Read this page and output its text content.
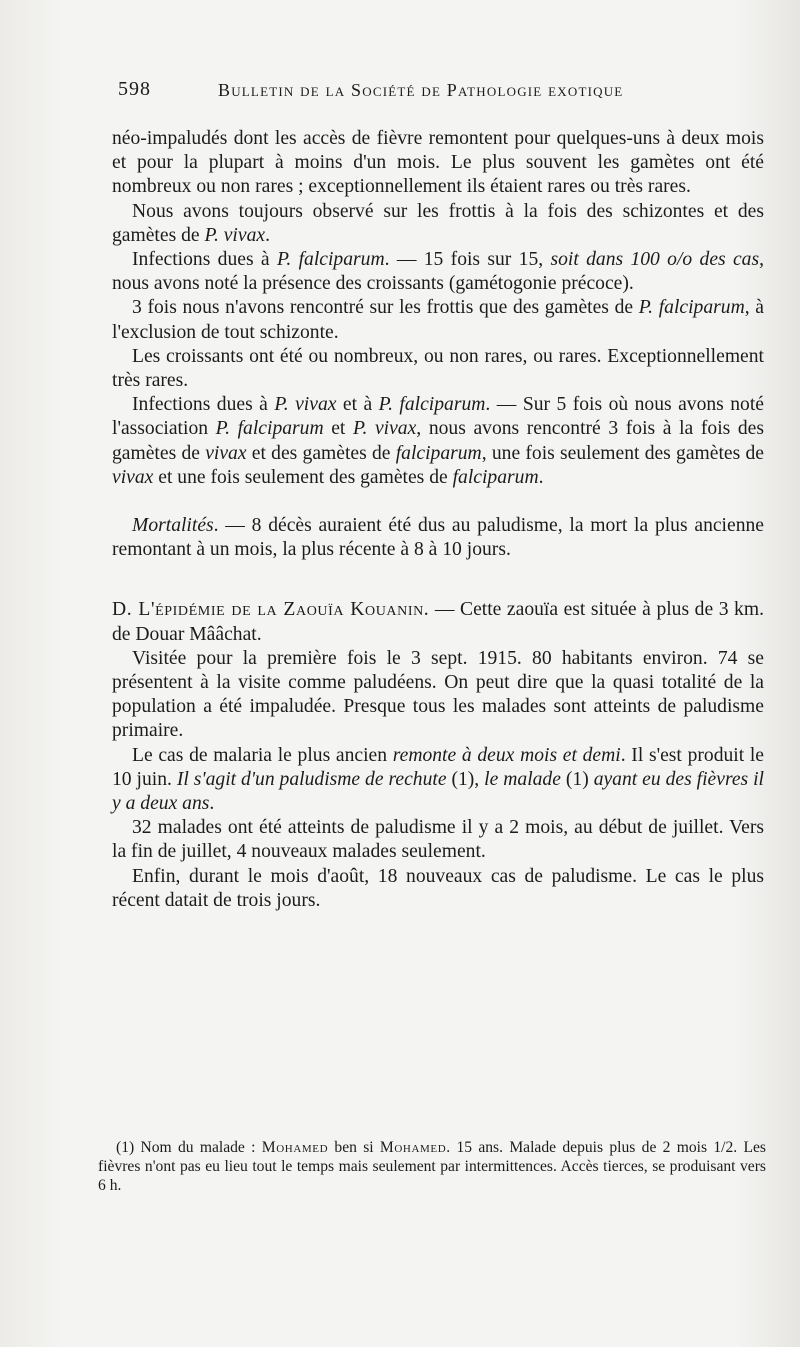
598	Bulletin de la Société de Pathologie exotique

néo-impaludés dont les accès de fièvre remontent pour quelques-uns à deux mois et pour la plupart à moins d'un mois. Le plus souvent les gamètes ont été nombreux ou non rares ; exceptionnellement ils étaient rares ou très rares.

Nous avons toujours observé sur les frottis à la fois des schizontes et des gamètes de P. vivax.

Infections dues à P. falciparum. — 15 fois sur 15, soit dans 100 o/o des cas, nous avons noté la présence des croissants (gamétogonie précoce).

3 fois nous n'avons rencontré sur les frottis que des gamètes de P. falciparum, à l'exclusion de tout schizonte.

Les croissants ont été ou nombreux, ou non rares, ou rares. Exceptionnellement très rares.

Infections dues à P. vivax et à P. falciparum. — Sur 5 fois où nous avons noté l'association P. falciparum et P. vivax, nous avons rencontré 3 fois à la fois des gamètes de vivax et des gamètes de falciparum, une fois seulement des gamètes de vivax et une fois seulement des gamètes de falciparum.

Mortalités. — 8 décès auraient été dus au paludisme, la mort la plus ancienne remontant à un mois, la plus récente à 8 à 10 jours.

D. L'épidémie de la Zaouïa Kouanin. — Cette zaouïa est située à plus de 3 km. de Douar Mââchat.

Visitée pour la première fois le 3 sept. 1915. 80 habitants environ. 74 se présentent à la visite comme paludéens. On peut dire que la quasi totalité de la population a été impaludée. Presque tous les malades sont atteints de paludisme primaire.

Le cas de malaria le plus ancien remonte à deux mois et demi. Il s'est produit le 10 juin. Il s'agit d'un paludisme de rechute (1), le malade (1) ayant eu des fièvres il y a deux ans.

32 malades ont été atteints de paludisme il y a 2 mois, au début de juillet. Vers la fin de juillet, 4 nouveaux malades seulement.

Enfin, durant le mois d'août, 18 nouveaux cas de paludisme. Le cas le plus récent datait de trois jours.

(1) Nom du malade : Mohamed ben si Mohamed. 15 ans. Malade depuis plus de 2 mois 1/2. Les fièvres n'ont pas eu lieu tout le temps mais seulement par intermittences. Accès tierces, se produisant vers 6 h.
